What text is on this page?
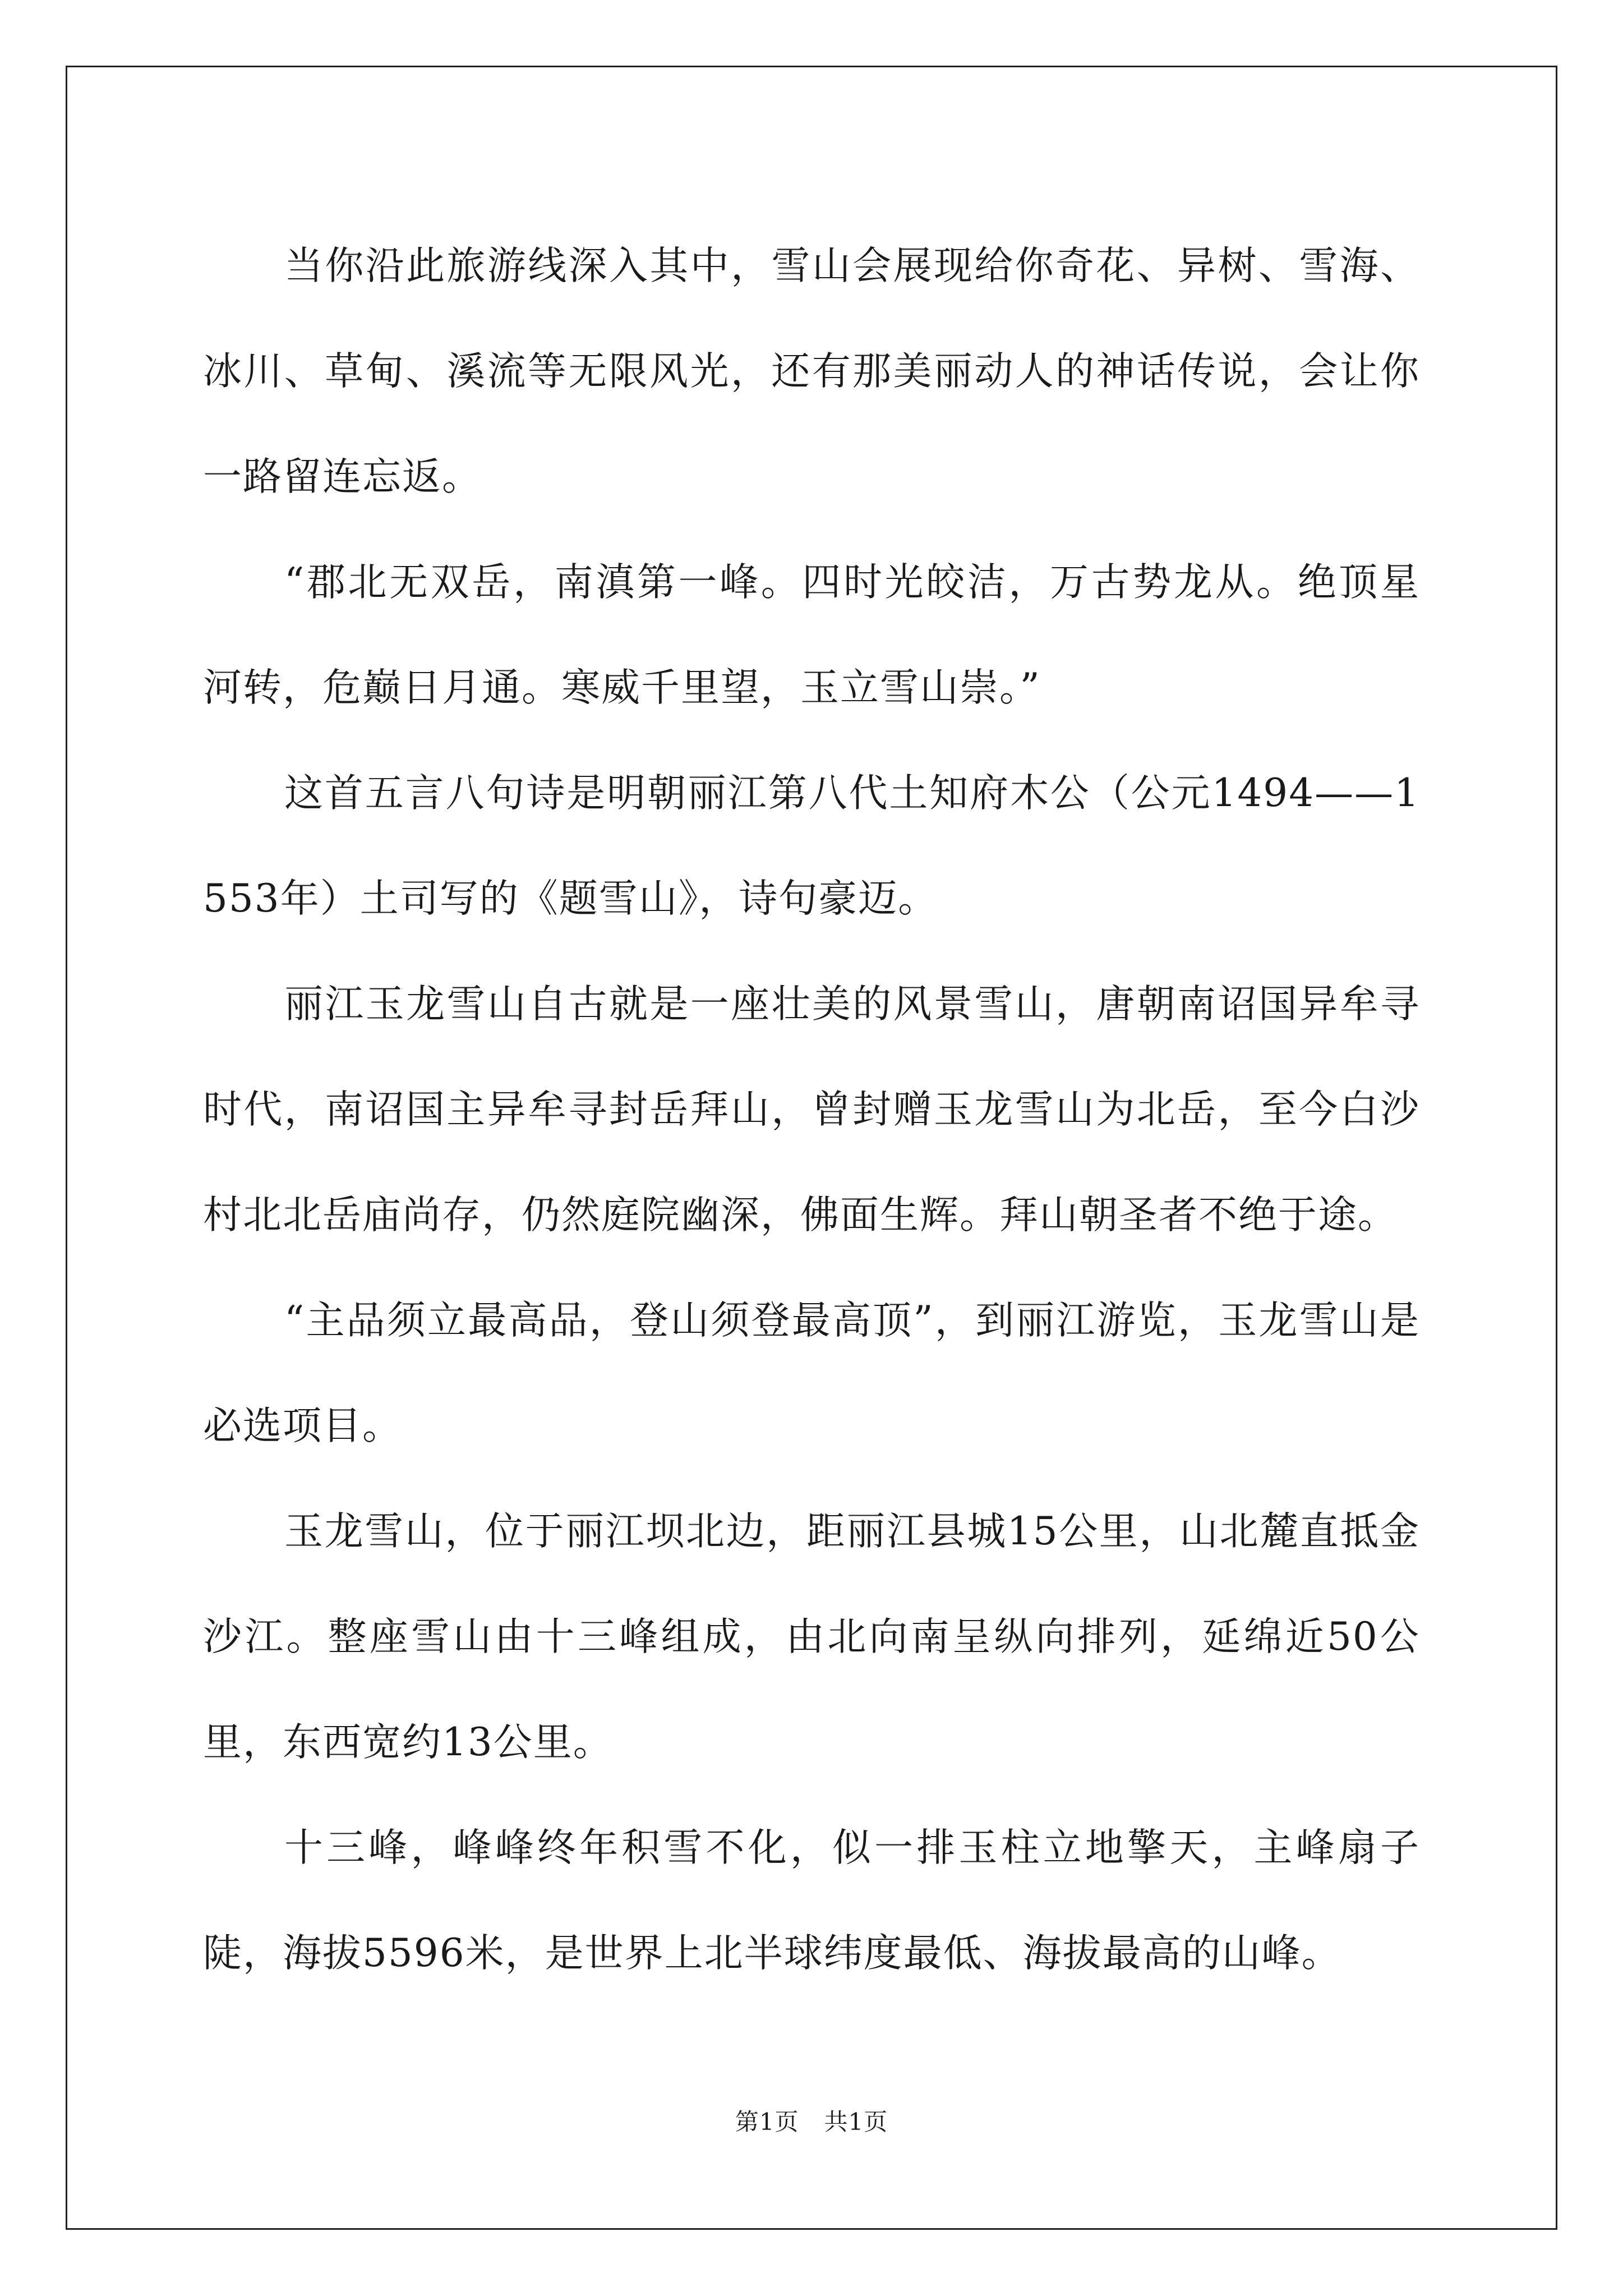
当你沿此旅游线深入其中，雪山会展现给你奇花、异树、雪海、冰川、草甸、溪流等无限风光，还有那美丽动人的神话传说，会让你一路留连忘返。

“郡北无双岳，南滇第一峰。四时光皎洁，万古势龙从。绝顶星河转，危巅日月通。寒威千里望，玉立雪山崇。”

这首五言八句诗是明朝丽江第八代土知府木公（公元1494——1553年）土司写的《题雪山》，诗句豪迈。

丽江玉龙雪山自古就是一座壮美的风景雪山，唐朝南诏国异牟寻时代，南诏国主异牟寻封岳拜山，曾封赠玉龙雪山为北岳，至今白沙村北北岳庙尚存，仍然庭院幽深，佛面生辉。拜山朝圣者不绝于途。

“主品须立最高品，登山须登最高顶”，到丽江游览，玉龙雪山是必选项目。

玉龙雪山，位于丽江坝北边，距丽江县城15公里，山北麓直抵金沙江。整座雪山由十三峰组成，由北向南呈纵向排列，延绵近50公里，东西宽约13公里。

十三峰，峰峰终年积雪不化，似一排玉柱立地擎天，主峰扇子陡，海拔5596米，是世界上北半球纬度最低、海拔最高的山峰。

第1页 共1页
